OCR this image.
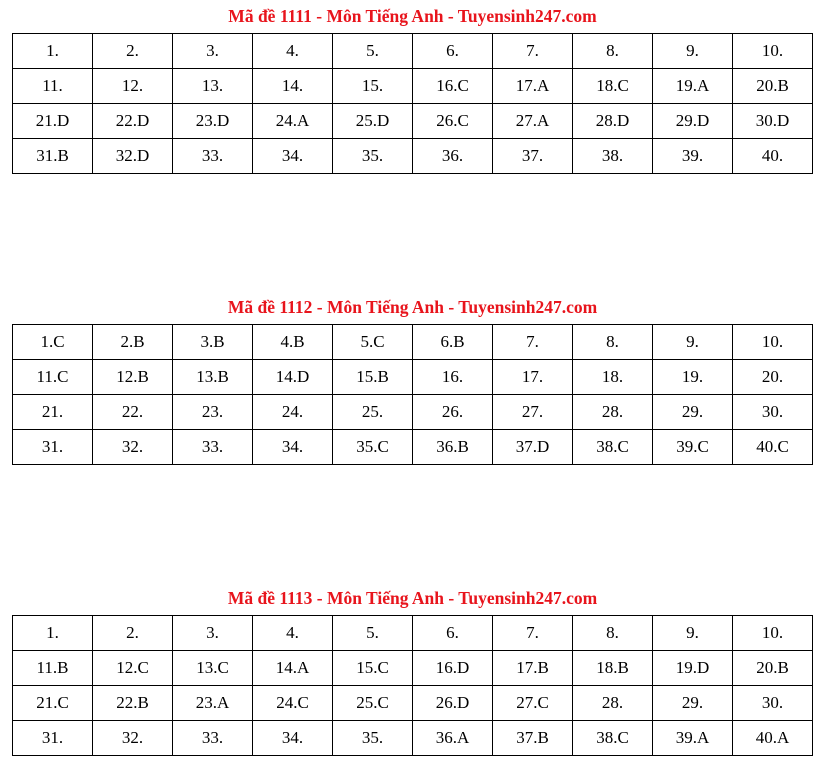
Mã đề 1111 - Môn Tiếng Anh - Tuyensinh247.com
1.	2.	3.	4.	5.	6.	7.	8.	9.	10.
11.	12.	13.	14.	15.	16.C	17.A	18.C	19.A	20.B
21.D	22.D	23.D	24.A	25.D	26.C	27.A	28.D	29.D	30.D
31.B	32.D	33.	34.	35.	36.	37.	38.	39.	40.
Mã đề 1112 - Môn Tiếng Anh - Tuyensinh247.com
1.C	2.B	3.B	4.B	5.C	6.B	7.	8.	9.	10.
11.C	12.B	13.B	14.D	15.B	16.	17.	18.	19.	20.
21.	22.	23.	24.	25.	26.	27.	28.	29.	30.
31.	32.	33.	34.	35.C	36.B	37.D	38.C	39.C	40.C
Mã đề 1113 - Môn Tiếng Anh - Tuyensinh247.com
1.	2.	3.	4.	5.	6.	7.	8.	9.	10.
11.B	12.C	13.C	14.A	15.C	16.D	17.B	18.B	19.D	20.B
21.C	22.B	23.A	24.C	25.C	26.D	27.C	28.	29.	30.
31.	32.	33.	34.	35.	36.A	37.B	38.C	39.A	40.A
